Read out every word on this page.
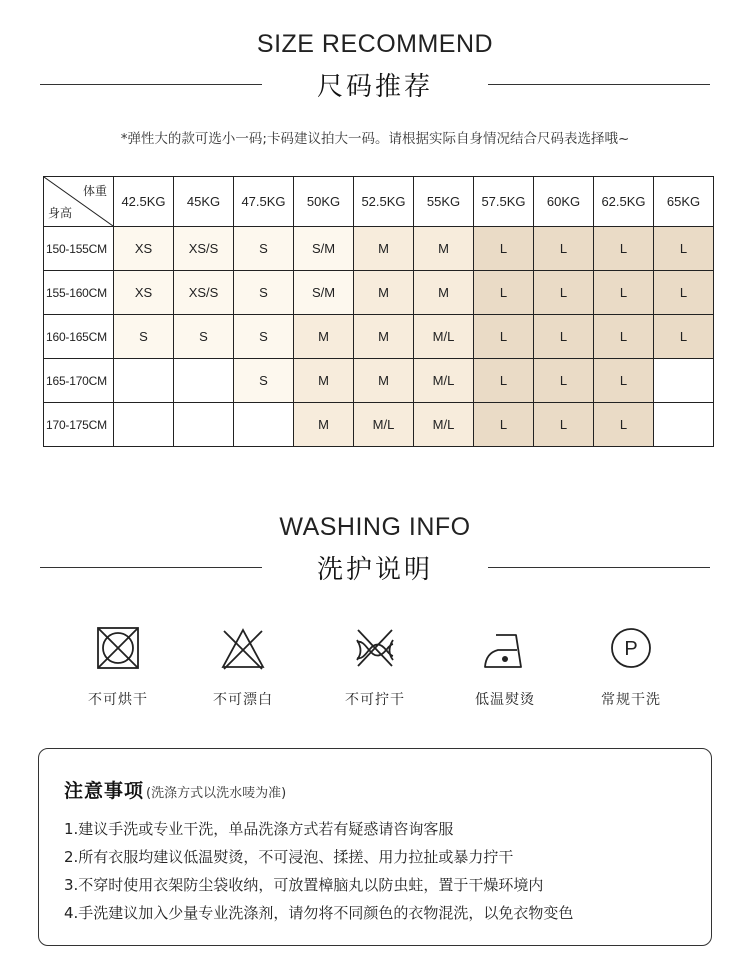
SIZE RECOMMEND
尺码推荐
*弹性大的款可选小一码;卡码建议拍大一码。请根据实际自身情况结合尺码表选择哦~
体重
身高	42.5KG	45KG	47.5KG	50KG	52.5KG	55KG	57.5KG	60KG	62.5KG	65KG
150-155CM	XS	XS/S	S	S/M	M	M	L	L	L	L
155-160CM	XS	XS/S	S	S/M	M	M	L	L	L	L
160-165CM	S	S	S	M	M	M/L	L	L	L	L
165-170CM			S	M	M	M/L	L	L	L	
170-175CM				M	M/L	M/L	L	L	L	
WASHING INFO
洗护说明
不可烘干	不可漂白	不可拧干	低温熨烫
P
常规干洗
注意事项 (洗涤方式以洗水唛为准)
1.建议手洗或专业干洗，单品洗涤方式若有疑惑请咨询客服
2.所有衣服均建议低温熨烫，不可浸泡、揉搓、用力拉扯或暴力拧干
3.不穿时使用衣架防尘袋收纳，可放置樟脑丸以防虫蛀，置于干燥环境内
4.手洗建议加入少量专业洗涤剂，请勿将不同颜色的衣物混洗，以免衣物变色
